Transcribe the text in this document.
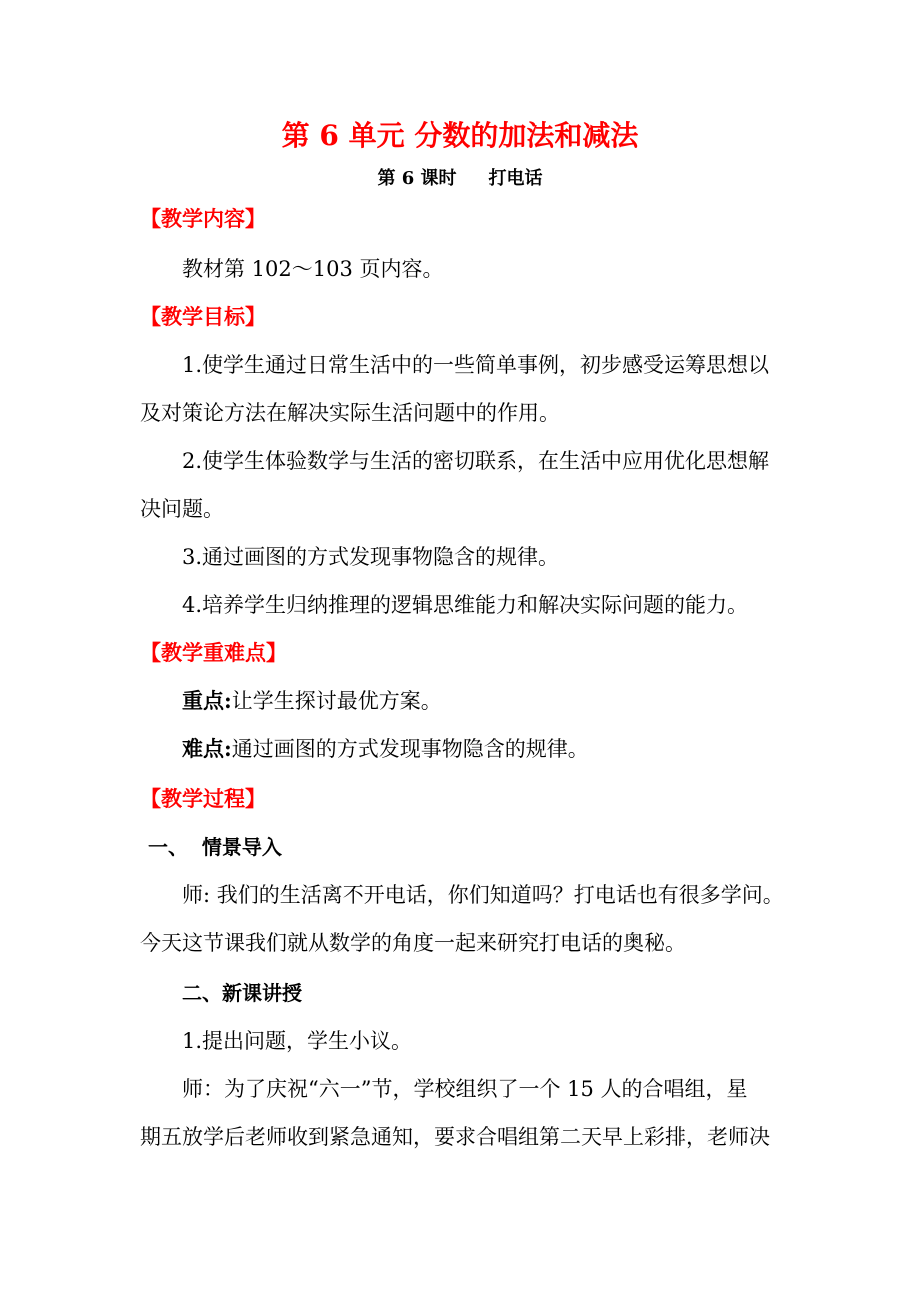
第 6 单元 分数的加法和减法
第 6 课时 打电话
【教学内容】
教材第 102～103 页内容。
【教学目标】
1.使学生通过日常生活中的一些简单事例，初步感受运筹思想以
及对策论方法在解决实际生活问题中的作用。
2.使学生体验数学与生活的密切联系，在生活中应用优化思想解
决问题。
3.通过画图的方式发现事物隐含的规律。
4.培养学生归纳推理的逻辑思维能力和解决实际问题的能力。
【教学重难点】
重点:让学生探讨最优方案。
难点:通过画图的方式发现事物隐含的规律。
【教学过程】
一、  情景导入
师: 我们的生活离不开电话，你们知道吗？打电话也有很多学问。
今天这节课我们就从数学的角度一起来研究打电话的奥秘。
二、新课讲授
1.提出问题，学生小议。
师：为了庆祝“六一”节，学校组织了一个 15 人的合唱组，星
期五放学后老师收到紧急通知，要求合唱组第二天早上彩排，老师决
